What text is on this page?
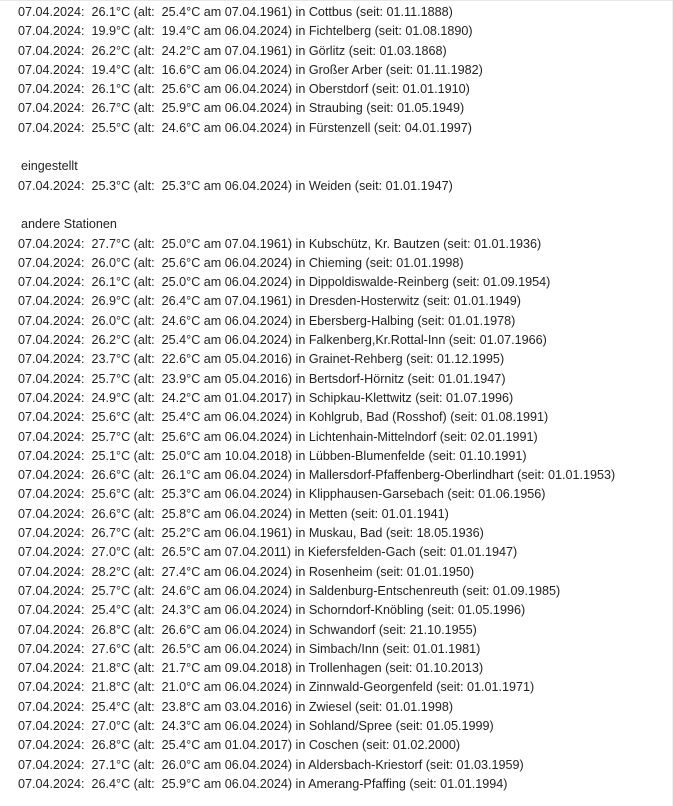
07.04.2024:  26.1°C (alt:  25.4°C am 07.04.1961) in Cottbus (seit: 01.11.1888)
07.04.2024:  19.9°C (alt:  19.4°C am 06.04.2024) in Fichtelberg (seit: 01.08.1890)
07.04.2024:  26.2°C (alt:  24.2°C am 07.04.1961) in Görlitz (seit: 01.03.1868)
07.04.2024:  19.4°C (alt:  16.6°C am 06.04.2024) in Großer Arber (seit: 01.11.1982)
07.04.2024:  26.1°C (alt:  25.6°C am 06.04.2024) in Oberstdorf (seit: 01.01.1910)
07.04.2024:  26.7°C (alt:  25.9°C am 06.04.2024) in Straubing (seit: 01.05.1949)
07.04.2024:  25.5°C (alt:  24.6°C am 06.04.2024) in Fürstenzell (seit: 04.01.1997)
eingestellt
07.04.2024:  25.3°C (alt:  25.3°C am 06.04.2024) in Weiden (seit: 01.01.1947)
andere Stationen
07.04.2024:  27.7°C (alt:  25.0°C am 07.04.1961) in Kubschütz, Kr. Bautzen (seit: 01.01.1936)
07.04.2024:  26.0°C (alt:  25.6°C am 06.04.2024) in Chieming (seit: 01.01.1998)
07.04.2024:  26.1°C (alt:  25.0°C am 06.04.2024) in Dippoldiswalde-Reinberg (seit: 01.09.1954)
07.04.2024:  26.9°C (alt:  26.4°C am 07.04.1961) in Dresden-Hosterwitz (seit: 01.01.1949)
07.04.2024:  26.0°C (alt:  24.6°C am 06.04.2024) in Ebersberg-Halbing (seit: 01.01.1978)
07.04.2024:  26.2°C (alt:  25.4°C am 06.04.2024) in Falkenberg,Kr.Rottal-Inn (seit: 01.07.1966)
07.04.2024:  23.7°C (alt:  22.6°C am 05.04.2016) in Grainet-Rehberg (seit: 01.12.1995)
07.04.2024:  25.7°C (alt:  23.9°C am 05.04.2016) in Bertsdorf-Hörnitz (seit: 01.01.1947)
07.04.2024:  24.9°C (alt:  24.2°C am 01.04.2017) in Schipkau-Klettwitz (seit: 01.07.1996)
07.04.2024:  25.6°C (alt:  25.4°C am 06.04.2024) in Kohlgrub, Bad (Rosshof) (seit: 01.08.1991)
07.04.2024:  25.7°C (alt:  25.6°C am 06.04.2024) in Lichtenhain-Mittelndorf (seit: 02.01.1991)
07.04.2024:  25.1°C (alt:  25.0°C am 10.04.2018) in Lübben-Blumenfelde (seit: 01.10.1991)
07.04.2024:  26.6°C (alt:  26.1°C am 06.04.2024) in Mallersdorf-Pfaffenberg-Oberlindhart (seit: 01.01.1953)
07.04.2024:  25.6°C (alt:  25.3°C am 06.04.2024) in Klipphausen-Garsebach (seit: 01.06.1956)
07.04.2024:  26.6°C (alt:  25.8°C am 06.04.2024) in Metten (seit: 01.01.1941)
07.04.2024:  26.7°C (alt:  25.2°C am 06.04.1961) in Muskau, Bad (seit: 18.05.1936)
07.04.2024:  27.0°C (alt:  26.5°C am 07.04.2011) in Kiefersfelden-Gach (seit: 01.01.1947)
07.04.2024:  28.2°C (alt:  27.4°C am 06.04.2024) in Rosenheim (seit: 01.01.1950)
07.04.2024:  25.7°C (alt:  24.6°C am 06.04.2024) in Saldenburg-Entschenreuth (seit: 01.09.1985)
07.04.2024:  25.4°C (alt:  24.3°C am 06.04.2024) in Schorndorf-Knöbling (seit: 01.05.1996)
07.04.2024:  26.8°C (alt:  26.6°C am 06.04.2024) in Schwandorf (seit: 21.10.1955)
07.04.2024:  27.6°C (alt:  26.5°C am 06.04.2024) in Simbach/Inn (seit: 01.01.1981)
07.04.2024:  21.8°C (alt:  21.7°C am 09.04.2018) in Trollenhagen (seit: 01.10.2013)
07.04.2024:  21.8°C (alt:  21.0°C am 06.04.2024) in Zinnwald-Georgenfeld (seit: 01.01.1971)
07.04.2024:  25.4°C (alt:  23.8°C am 03.04.2016) in Zwiesel (seit: 01.01.1998)
07.04.2024:  27.0°C (alt:  24.3°C am 06.04.2024) in Sohland/Spree (seit: 01.05.1999)
07.04.2024:  26.8°C (alt:  25.4°C am 01.04.2017) in Coschen (seit: 01.02.2000)
07.04.2024:  27.1°C (alt:  26.0°C am 06.04.2024) in Aldersbach-Kriestorf (seit: 01.03.1959)
07.04.2024:  26.4°C (alt:  25.9°C am 06.04.2024) in Amerang-Pfaffing (seit: 01.01.1994)
